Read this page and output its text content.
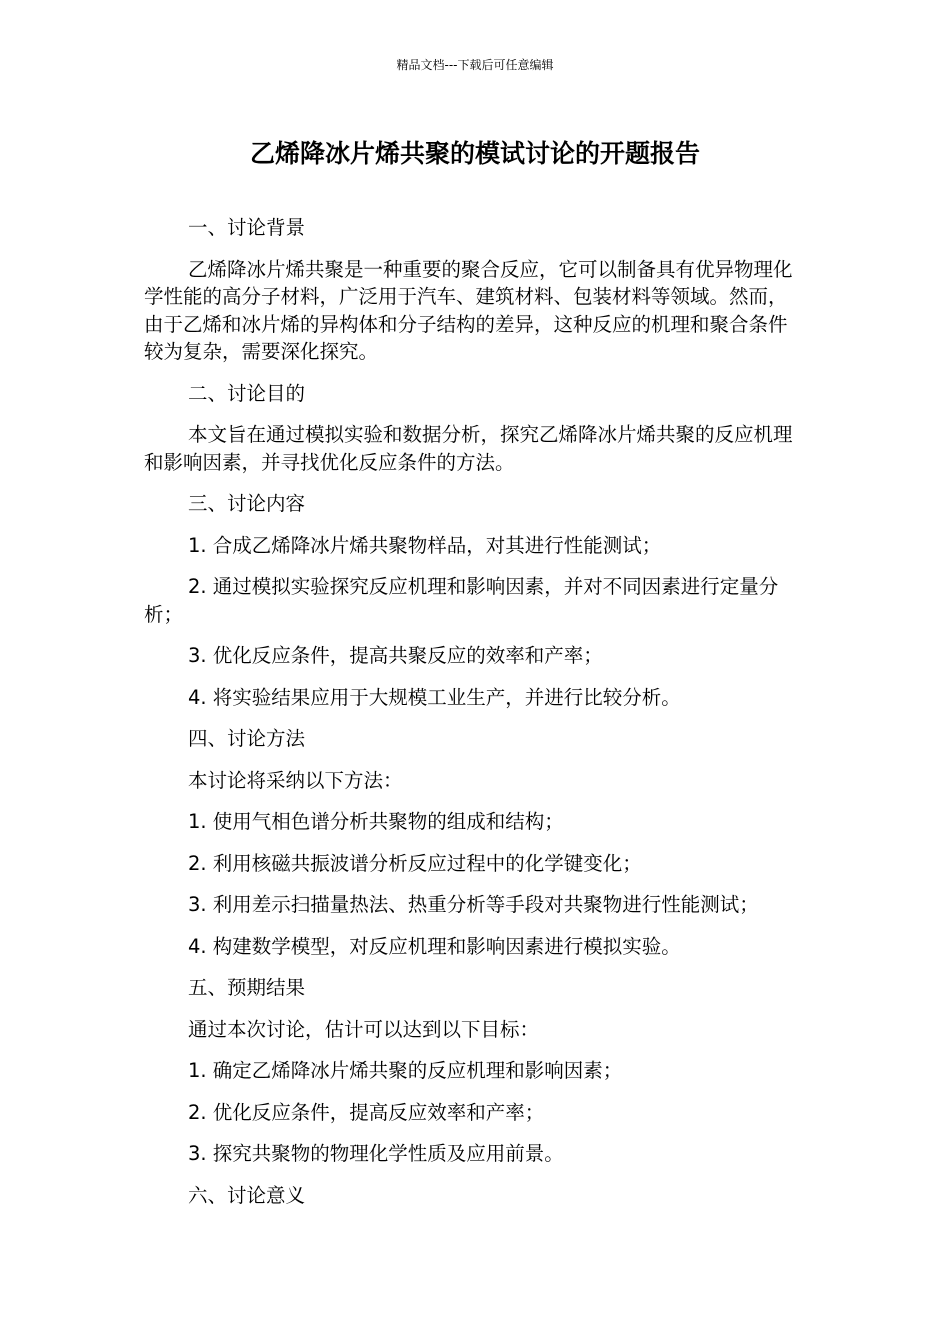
精品文档---下载后可任意编辑
乙烯降冰片烯共聚的模试讨论的开题报告

一、讨论背景

乙烯降冰片烯共聚是一种重要的聚合反应，它可以制备具有优异物理化学性能的高分子材料，广泛用于汽车、建筑材料、包装材料等领域。然而，由于乙烯和冰片烯的异构体和分子结构的差异，这种反应的机理和聚合条件较为复杂，需要深化探究。

二、讨论目的

本文旨在通过模拟实验和数据分析，探究乙烯降冰片烯共聚的反应机理和影响因素，并寻找优化反应条件的方法。

三、讨论内容

1. 合成乙烯降冰片烯共聚物样品，对其进行性能测试；

2. 通过模拟实验探究反应机理和影响因素，并对不同因素进行定量分析；

3. 优化反应条件，提高共聚反应的效率和产率；

4. 将实验结果应用于大规模工业生产，并进行比较分析。

四、讨论方法

本讨论将采纳以下方法：

1. 使用气相色谱分析共聚物的组成和结构；

2. 利用核磁共振波谱分析反应过程中的化学键变化；

3. 利用差示扫描量热法、热重分析等手段对共聚物进行性能测试；

4. 构建数学模型，对反应机理和影响因素进行模拟实验。

五、预期结果

通过本次讨论，估计可以达到以下目标：

1. 确定乙烯降冰片烯共聚的反应机理和影响因素；

2. 优化反应条件，提高反应效率和产率；

3. 探究共聚物的物理化学性质及应用前景。

六、讨论意义
